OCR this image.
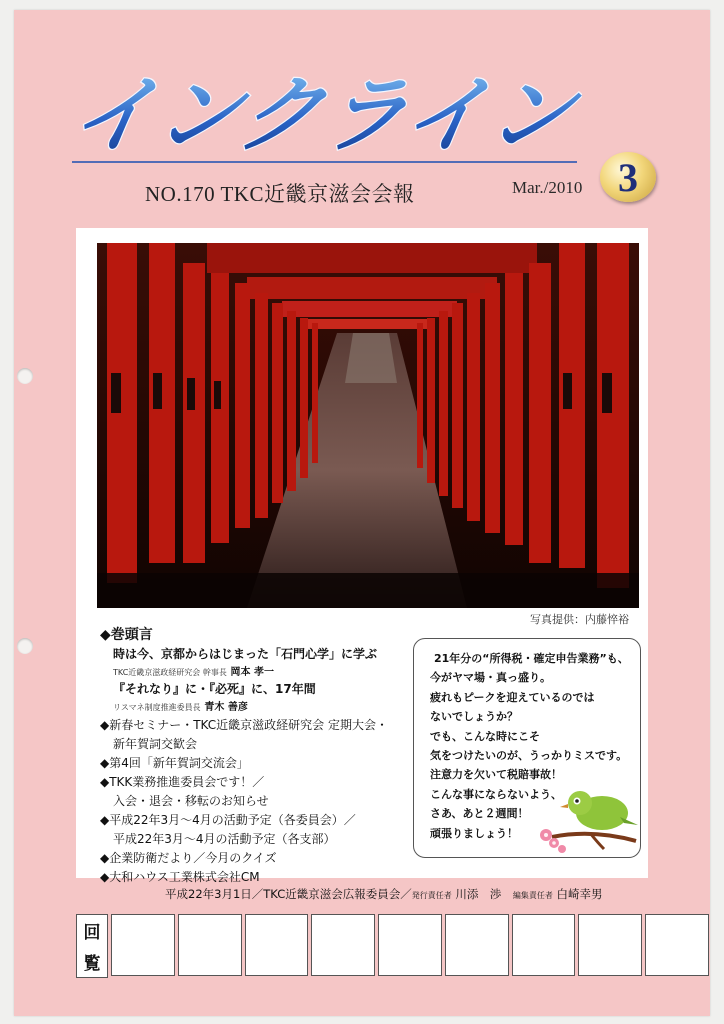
インクライン
NO.170 TKC近畿京滋会会報	Mar./2010 3
写真提供：内藤悴裕
◆巻頭言
時は今、京都からはじまった「石門心学」に学ぶ
TKC近畿京滋政経研究会 幹事長 岡本 孝一
『それなり』に・『必死』に、17年間
リスマネ制度推進委員長 青木 善彦
◆新春セミナー・TKC近畿京滋政経研究会 定期大会・
新年賀詞交歓会
◆第4回「新年賀詞交流会」
◆TKK業務推進委員会です！／
入会・退会・移転のお知らせ
◆平成22年3月～4月の活動予定（各委員会）／
平成22年3月～4月の活動予定（各支部）
◆企業防衛だより／今月のクイズ
◆大和ハウス工業株式会社CM
21年分の“所得税・確定申告業務”も、
今がヤマ場・真っ盛り。
疲れもピークを迎えているのでは
ないでしょうか？
でも、こんな時にこそ
気をつけたいのが、うっかりミスです。
注意力を欠いて税賠事故！
こんな事にならないよう、
さあ、あと２週間！
頑張りましょう！
平成22年3月1日／TKC近畿京滋会広報委員会／発行責任者 川添　渉　 編集責任者 白崎幸男
回
覧
